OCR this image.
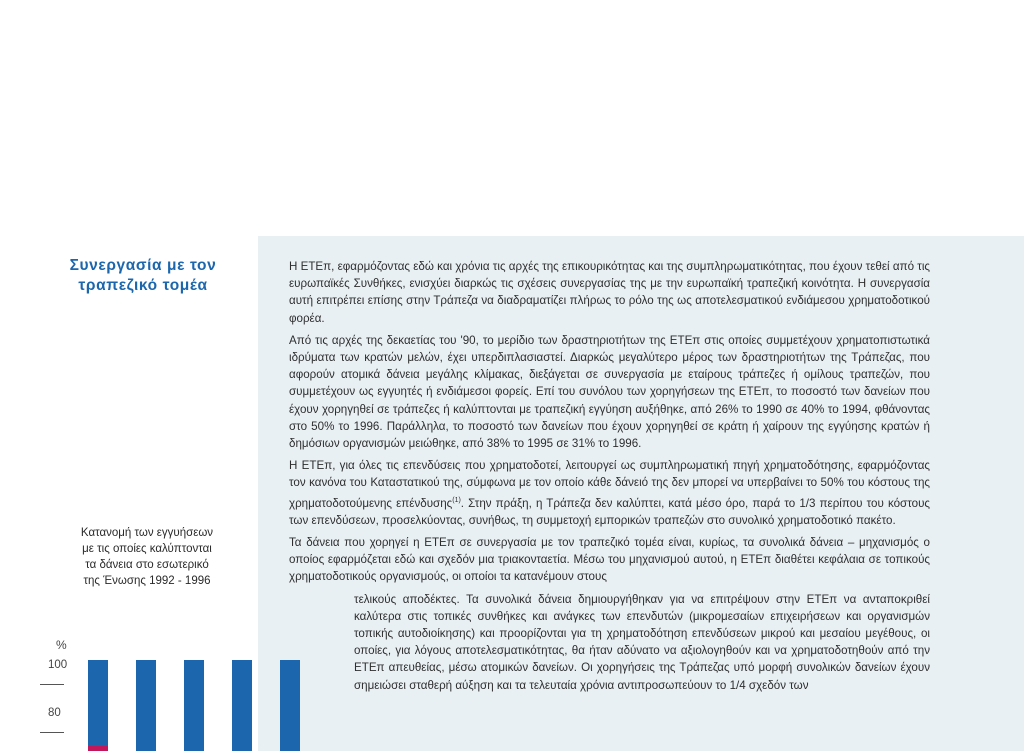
Συνεργασία με τον
τραπεζικό τομέα
Κατανομή των εγγυήσεων
με τις οποίες καλύπτονται
τα δάνεια στο εσωτερικό
της Ένωσης 1992 - 1996
%
100
80

Η ΕΤΕπ, εφαρμόζοντας εδώ και χρόνια τις αρχές της επικουρικότητας και της συμπληρωματικότητας, που έχουν τεθεί από τις ευρωπαϊκές Συνθήκες, ενισχύει διαρκώς τις σχέσεις συνεργασίας της με την ευρωπαϊκή τραπεζική κοινότητα. Η συνεργασία αυτή επιτρέπει επίσης στην Τράπεζα να διαδραματίζει πλήρως το ρόλο της ως αποτελεσματικού ενδιάμεσου χρηματοδοτικού φορέα.

Από τις αρχές της δεκαετίας του '90, το μερίδιο των δραστηριοτήτων της ΕΤΕπ στις οποίες συμμετέχουν χρηματοπιστωτικά ιδρύματα των κρατών μελών, έχει υπερδιπλασιαστεί. Διαρκώς μεγαλύτερο μέρος των δραστηριοτήτων της Τράπεζας, που αφορούν ατομικά δάνεια μεγάλης κλίμακας, διεξάγεται σε συνεργασία με εταίρους τράπεζες ή ομίλους τραπεζών, που συμμετέχουν ως εγγυητές ή ενδιάμεσοι φορείς. Επί του συνόλου των χορηγήσεων της ΕΤΕπ, το ποσοστό των δανείων που έχουν χορηγηθεί σε τράπεζες ή καλύπτονται με τραπεζική εγγύηση αυξήθηκε, από 26% το 1990 σε 40% το 1994, φθάνοντας στο 50% το 1996. Παράλληλα, το ποσοστό των δανείων που έχουν χορηγηθεί σε κράτη ή χαίρουν της εγγύησης κρατών ή δημόσιων οργανισμών μειώθηκε, από 38% το 1995 σε 31% το 1996.

Η ΕΤΕπ, για όλες τις επενδύσεις που χρηματοδοτεί, λειτουργεί ως συμπληρωματική πηγή χρηματοδότησης, εφαρμόζοντας τον κανόνα του Καταστατικού της, σύμφωνα με τον οποίο κάθε δάνειό της δεν μπορεί να υπερβαίνει το 50% του κόστους της χρηματοδοτούμενης επένδυσης$^{(1)}$. Στην πράξη, η Τράπεζα δεν καλύπτει, κατά μέσο όρο, παρά το 1/3 περίπου του κόστους των επενδύσεων, προσελκύοντας, συνήθως, τη συμμετοχή εμπορικών τραπεζών στο συνολικό χρηματοδοτικό πακέτο.

Τα δάνεια που χορηγεί η ΕΤΕπ σε συνεργασία με τον τραπεζικό τομέα είναι, κυρίως, τα συνολικά δάνεια – μηχανισμός ο οποίος εφαρμόζεται εδώ και σχεδόν μια τριακονταετία. Μέσω του μηχανισμού αυτού, η ΕΤΕπ διαθέτει κεφάλαια σε τοπικούς χρηματοδοτικούς οργανισμούς, οι οποίοι τα κατανέμουν στους

τελικούς αποδέκτες. Τα συνολικά δάνεια δημιουργήθηκαν για να επιτρέψουν στην ΕΤΕπ να ανταποκριθεί καλύτερα στις τοπικές συνθήκες και ανάγκες των επενδυτών (μικρομεσαίων επιχειρήσεων και οργανισμών τοπικής αυτοδιοίκησης) και προορίζονται για τη χρηματοδότηση επενδύσεων μικρού και μεσαίου μεγέθους, οι οποίες, για λόγους αποτελεσματικότητας, θα ήταν αδύνατο να αξιολογηθούν και να χρηματοδοτηθούν από την ΕΤΕπ απευθείας, μέσω ατομικών δανείων. Οι χορηγήσεις της Τράπεζας υπό μορφή συνολικών δανείων έχουν σημειώσει σταθερή αύξηση και τα τελευταία χρόνια αντιπροσωπεύουν το 1/4 σχεδόν των
